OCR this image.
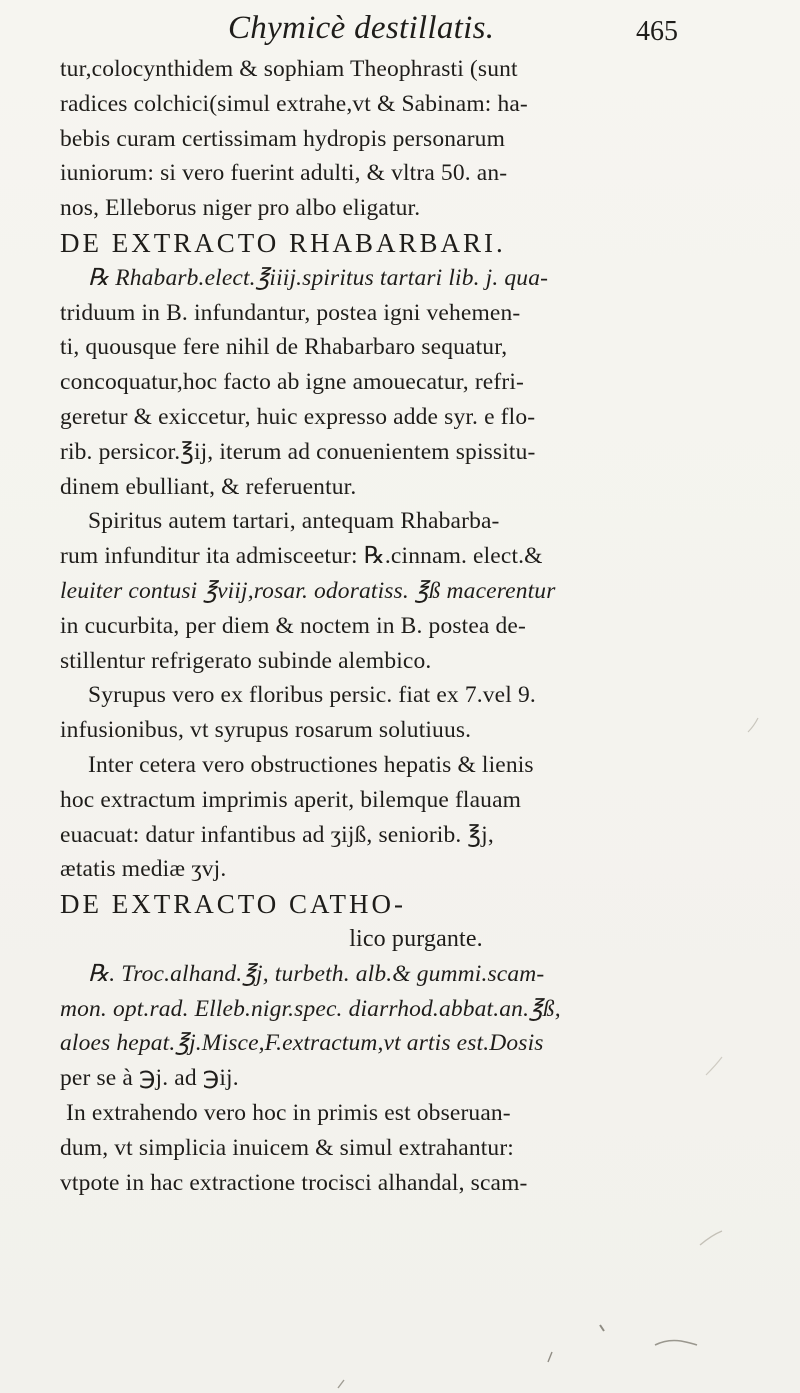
Chymicè destillatis.	465
tur,colocynthidem & sophiam Theophrasti (sunt
radices colchici(simul extrahe,vt & Sabinam: ha-
bebis curam certissimam hydropis personarum
iuniorum: si vero fuerint adulti, & vltra 50. an-
nos, Elleborus niger pro albo eligatur.
DE EXTRACTO RHABARBARI.
℞ Rhabarb.elect.℥iiij.spiritus tartari lib. j. qua-
triduum in B. infundantur, postea igni vehemen-
ti, quousque fere nihil de Rhabarbaro sequatur,
concoquatur,hoc facto ab igne amouecatur, refri-
geretur & exiccetur, huic expresso adde syr. e flo-
rib. persicor.℥ij, iterum ad conuenientem spissitu-
dinem ebulliant, & referuentur.
Spiritus autem tartari, antequam Rhabarba-
rum infunditur ita admisceetur: ℞.cinnam. elect.&
leuiter contusi ℥viij,rosar. odoratiss. ℥ß macerentur
in cucurbita, per diem & noctem in B. postea de-
stillentur refrigerato subinde alembico.
Syrupus vero ex floribus persic. fiat ex 7.vel 9.
infusionibus, vt syrupus rosarum solutiuus.
Inter cetera vero obstructiones hepatis & lienis
hoc extractum imprimis aperit, bilemque flauam
euacuat: datur infantibus ad ʒijß, seniorib. ℥j,
ætatis mediæ ʒvj.
DE EXTRACTO CATHO-
lico purgante.
℞. Troc.alhand.℥j, turbeth. alb.& gummi.scam-
mon. opt.rad. Elleb.nigr.spec. diarrhod.abbat.an.℥ß,
aloes hepat.℥j.Misce,F.extractum,vt artis est.Dosis
per se à ℈j. ad ℈ij.
In extrahendo vero hoc in primis est obseruan-
dum, vt simplicia inuicem & simul extrahantur:
vtpote in hac extractione trocisci alhandal, scam-
